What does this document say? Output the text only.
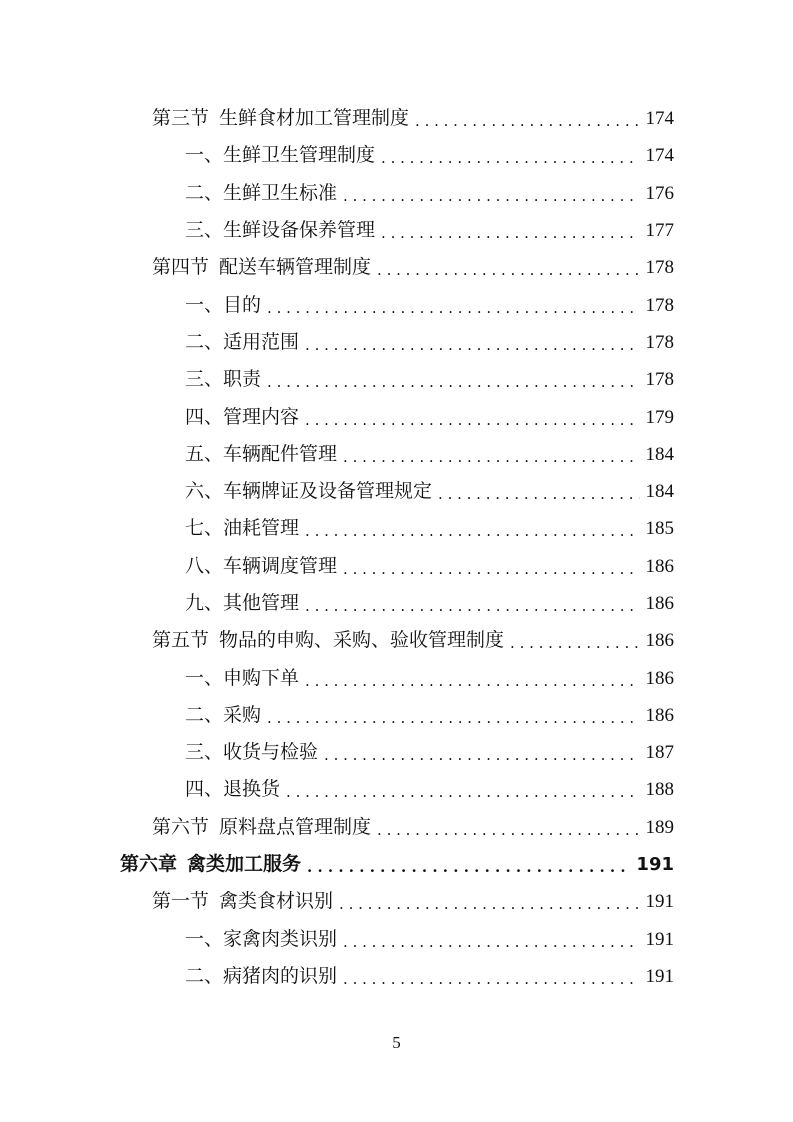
第三节 生鲜食材加工管理制度 . . .	174
一、生鲜卫生管理制度 . . .	174
二、生鲜卫生标准 . . .	176
三、生鲜设备保养管理 . . .	177
第四节 配送车辆管理制度 . . .	178
一、目的 . . .	178
二、适用范围 . . .	178
三、职责 . . .	178
四、管理内容 . . .	179
五、车辆配件管理 . . .	184
六、车辆牌证及设备管理规定 . . .	184
七、油耗管理 . . .	185
八、车辆调度管理 . . .	186
九、其他管理 . . .	186
第五节 物品的申购、采购、验收管理制度 . . .	186
一、申购下单 . . .	186
二、采购 . . .	186
三、收货与检验 . . .	187
四、退换货 . . .	188
第六节 原料盘点管理制度 . . .	189
第六章 禽类加工服务 . . .	191
第一节 禽类食材识别 . . .	191
一、家禽肉类识别 . . .	191
二、病猪肉的识别 . . .	191
5
